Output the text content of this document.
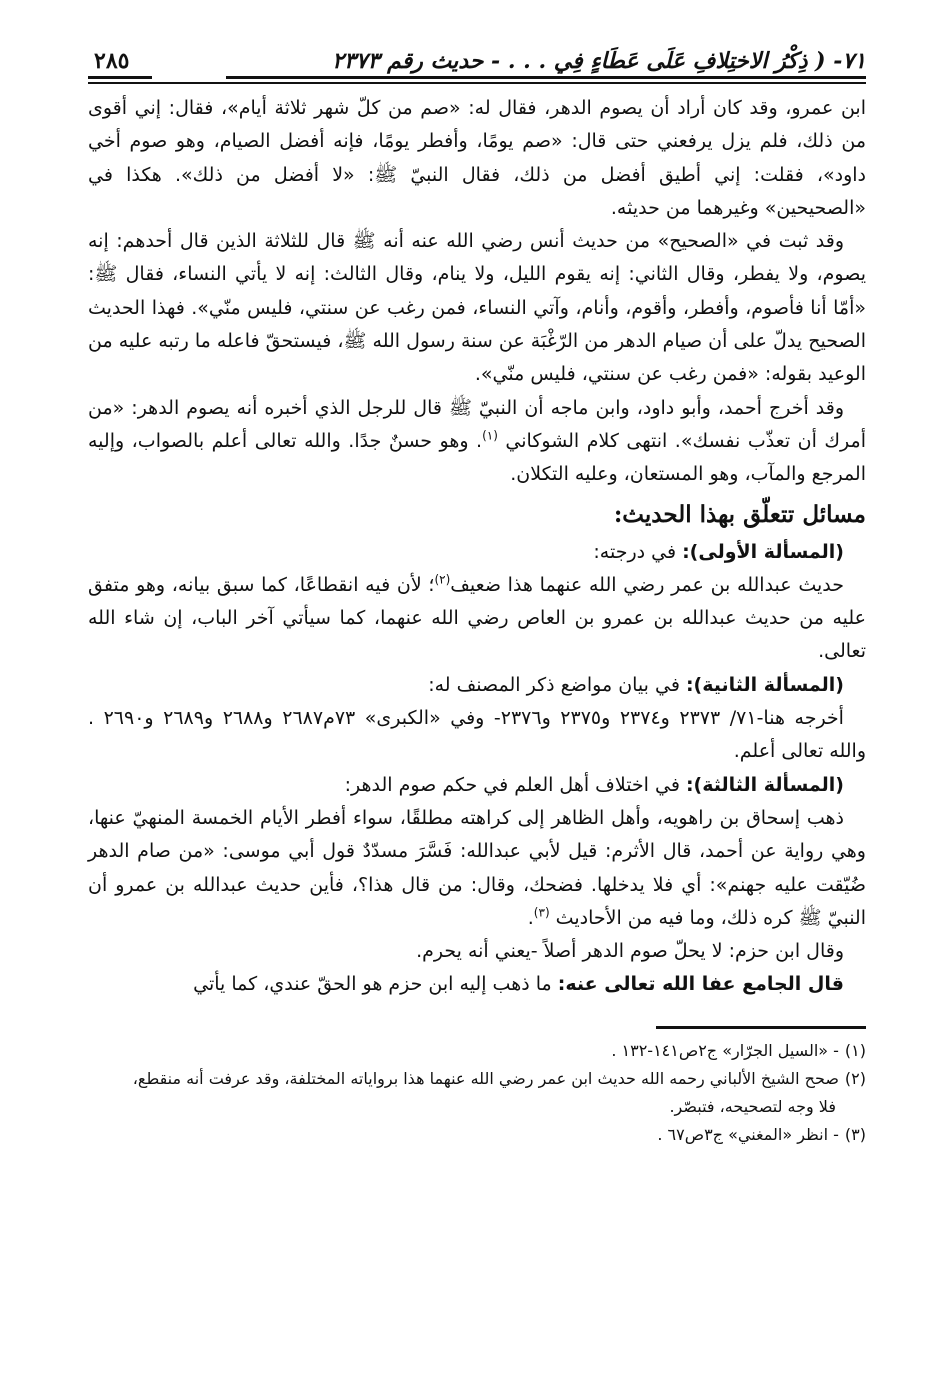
٧١- ( ذِكْرُ الاختِلافِ عَلَى عَطَاءٍ فِي . . . - حديث رقم ٢٣٧٣
٢٨٥

ابن عمرو، وقد كان أراد أن يصوم الدهر، فقال له: «صم من كلّ شهر ثلاثة أيام»، فقال: إني أقوى من ذلك، فلم يزل يرفعني حتى قال: «صم يومًا، وأفطر يومًا، فإنه أفضل الصيام، وهو صوم أخي داود»، فقلت: إني أطيق أفضل من ذلك، فقال النبيّ ﷺ: «لا أفضل من ذلك». هكذا في «الصحيحين» وغيرهما من حديثه.

وقد ثبت في «الصحيح» من حديث أنس رضي الله عنه أنه ﷺ قال للثلاثة الذين قال أحدهم: إنه يصوم، ولا يفطر، وقال الثاني: إنه يقوم الليل، ولا ينام، وقال الثالث: إنه لا يأتي النساء، فقال ﷺ: «أمّا أنا فأصوم، وأفطر، وأقوم، وأنام، وآتي النساء، فمن رغب عن سنتي، فليس منّي». فهذا الحديث الصحيح يدلّ على أن صيام الدهر من الرّغْبَة عن سنة رسول الله ﷺ، فيستحقّ فاعله ما رتبه عليه من الوعيد بقوله: «فمن رغب عن سنتي، فليس منّي».

وقد أخرج أحمد، وأبو داود، وابن ماجه أن النبيّ ﷺ قال للرجل الذي أخبره أنه يصوم الدهر: «من أمرك أن تعذّب نفسك». انتهى كلام الشوكاني $^{(١)}$. وهو حسنٌ جدًا. والله تعالى أعلم بالصواب، وإليه المرجع والمآب، وهو المستعان، وعليه التكلان.

مسائل تتعلّق بهذا الحديث:

(المسألة الأولى): في درجته:

حديث عبدالله بن عمر رضي الله عنهما هذا ضعيف$^{(٢)}$؛ لأن فيه انقطاعًا، كما سبق بيانه، وهو متفق عليه من حديث عبدالله بن عمرو بن العاص رضي الله عنهما، كما سيأتي آخر الباب، إن شاء الله تعالى.

(المسألة الثانية): في بيان مواضع ذكر المصنف له:

أخرجه هنا-٧١/ ٢٣٧٣ و٢٣٧٤ و٢٣٧٥ و٢٣٧٦- وفي «الكبرى» ٧٣م٢٦٨٧ و٢٦٨٨ و٢٦٨٩ و٢٦٩٠ . والله تعالى أعلم.

(المسألة الثالثة): في اختلاف أهل العلم في حكم صوم الدهر:

ذهب إسحاق بن راهويه، وأهل الظاهر إلى كراهته مطلقًا، سواء أفطر الأيام الخمسة المنهيّ عنها، وهي رواية عن أحمد، قال الأثرم: قيل لأبي عبدالله: فَسَّرَ مسدّدٌ قول أبي موسى: «من صام الدهر ضُيّقت عليه جهنم»: أي فلا يدخلها. فضحك، وقال: من قال هذا؟، فأين حديث عبدالله بن عمرو أن النبيّ ﷺ كره ذلك، وما فيه من الأحاديث $^{(٣)}$.

وقال ابن حزم: لا يحلّ صوم الدهر أصلاً -يعني أنه يحرم.

قال الجامع عفا الله تعالى عنه: ما ذهب إليه ابن حزم هو الحقّ عندي، كما يأتي

(١)- «السيل الجرّار» ج٢ص١٤١-١٣٢ .

(٢)صحح الشيخ الألباني رحمه الله حديث ابن عمر رضي الله عنهما هذا برواياته المختلفة، وقد عرفت أنه منقطع،

فلا وجه لتصحيحه، فتبصّر.

(٣)- انظر «المغني» ج٣ص٦٧ .
